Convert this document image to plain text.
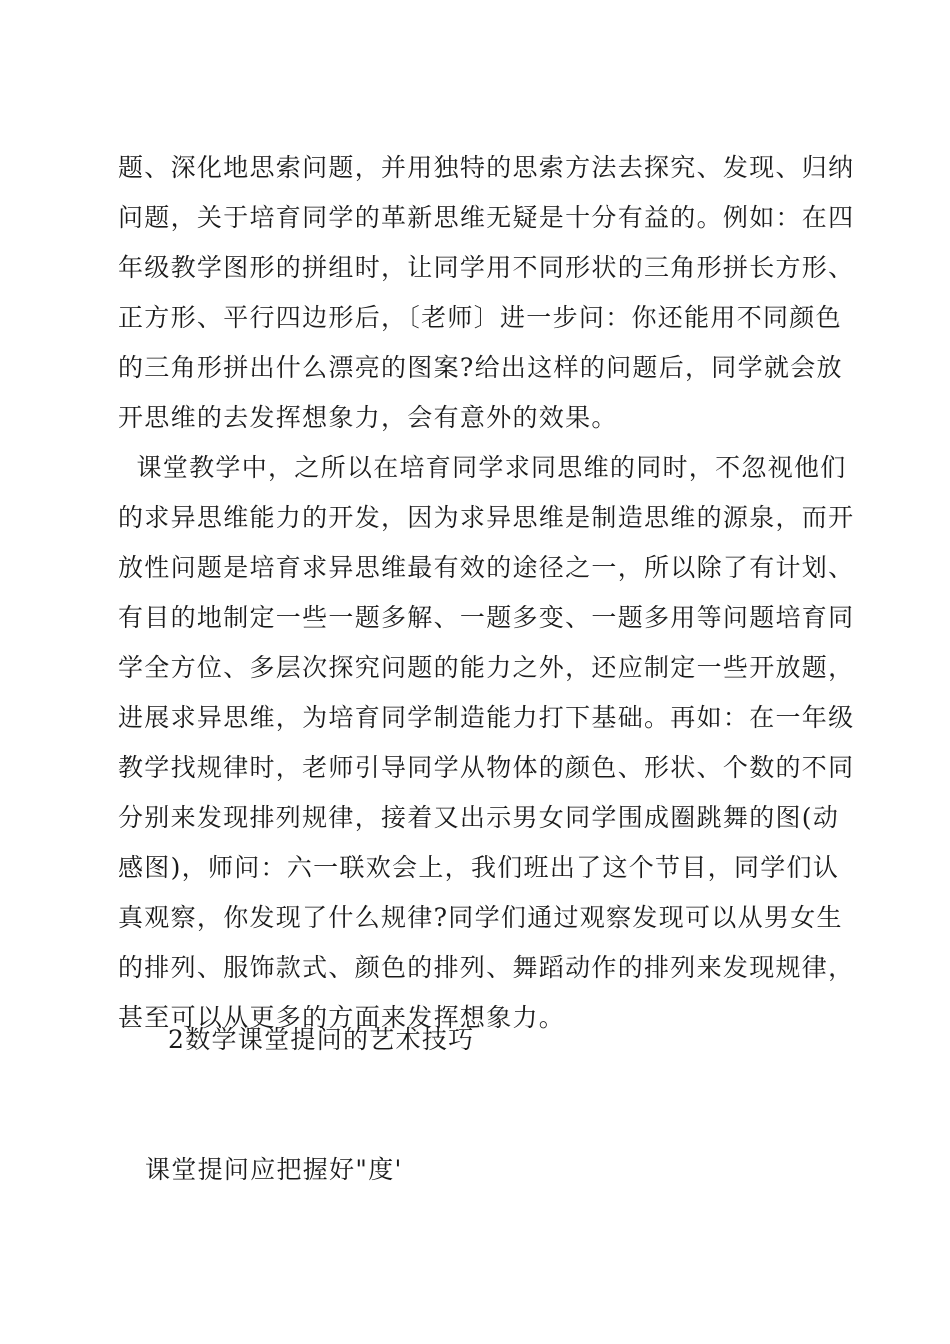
题、深化地思索问题，并用独特的思索方法去探究、发现、归纳
问题，关于培育同学的革新思维无疑是十分有益的。例如：在四
年级教学图形的拼组时，让同学用不同形状的三角形拼长方形、
正方形、平行四边形后，〔老师〕进一步问：你还能用不同颜色
的三角形拼出什么漂亮的图案?给出这样的问题后，同学就会放
开思维的去发挥想象力，会有意外的效果。
课堂教学中，之所以在培育同学求同思维的同时，不忽视他们
的求异思维能力的开发，因为求异思维是制造思维的源泉，而开
放性问题是培育求异思维最有效的途径之一，所以除了有计划、
有目的地制定一些一题多解、一题多变、一题多用等问题培育同
学全方位、多层次探究问题的能力之外，还应制定一些开放题，
进展求异思维，为培育同学制造能力打下基础。再如：在一年级
教学找规律时，老师引导同学从物体的颜色、形状、个数的不同
分别来发现排列规律，接着又出示男女同学围成圈跳舞的图(动
感图)，师问：六一联欢会上，我们班出了这个节目，同学们认
真观察，你发现了什么规律?同学们通过观察发现可以从男女生
的排列、服饰款式、颜色的排列、舞蹈动作的排列来发现规律，
甚至可以从更多的方面来发挥想象力。
2数学课堂提问的艺术技巧
课堂提问应把握好"度'
